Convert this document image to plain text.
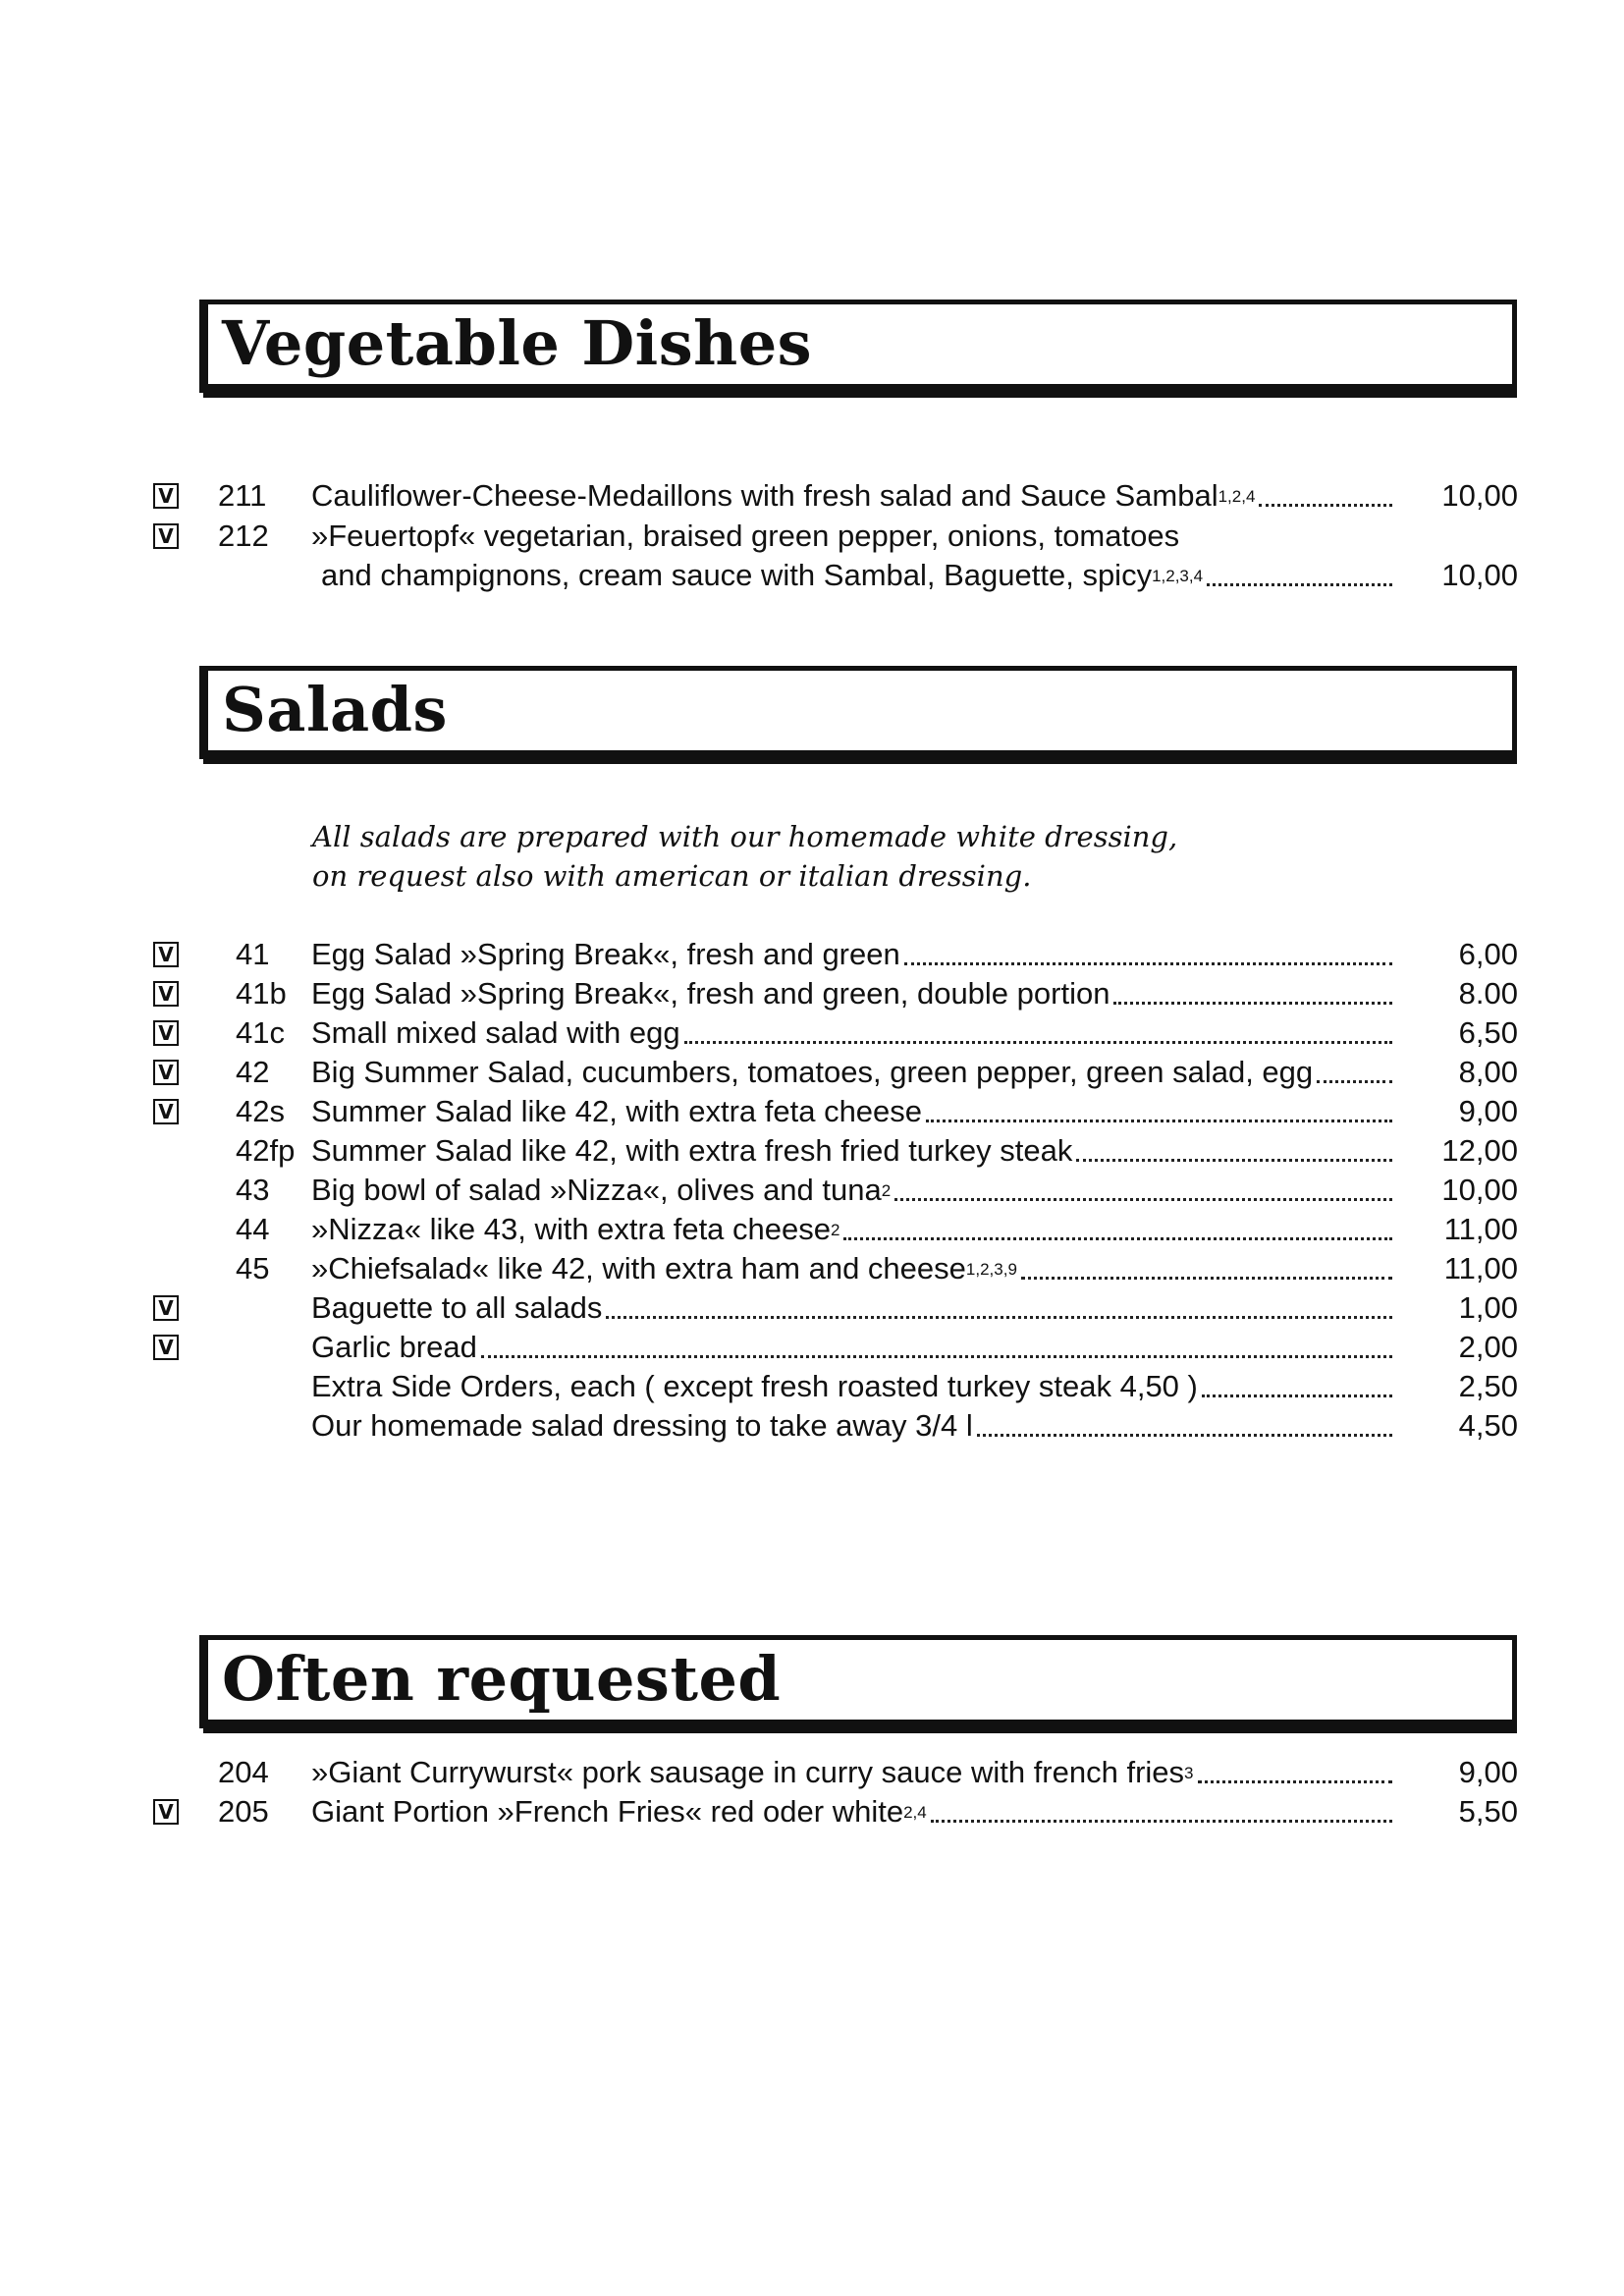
Vegetable Dishes
V 211 Cauliflower-Cheese-Medaillons with fresh salad and Sauce Sambal$^{1,2,4}$	10,00
V 212 »Feuertopf« vegetarian, braised green pepper, onions, tomatoes
and champignons, cream sauce with Sambal, Baguette, spicy$^{1,2,3,4}$	10,00
Salads
All salads are prepared with our homemade white dressing,
on request also with american or italian dressing.
V 41 Egg Salad »Spring Break«, fresh and green	6,00
V 41b Egg Salad »Spring Break«, fresh and green, double portion	8.00
V 41c Small mixed salad with egg	6,50
V 42 Big Summer Salad, cucumbers, tomatoes, green pepper, green salad, egg	8,00
V 42s Summer Salad like 42, with extra feta cheese	9,00
42fp Summer Salad like 42, with extra fresh fried turkey steak	12,00
43 Big bowl of salad »Nizza«, olives and tuna$^2$	10,00
44 »Nizza« like 43, with extra feta cheese$^2$	11,00
45 »Chiefsalad« like 42, with extra ham and cheese$^{1,2,3,9}$	11,00
V	Baguette to all salads	1,00
V	Garlic bread	2,00
Extra Side Orders, each ( except fresh roasted turkey steak 4,50 )	2,50
Our homemade salad dressing to take away 3/4 l	4,50
Often requested
204 »Giant Currywurst« pork sausage in curry sauce with french fries$^3$	9,00
V 205 Giant Portion »French Fries« red oder white$^{2,4}$	5,50
